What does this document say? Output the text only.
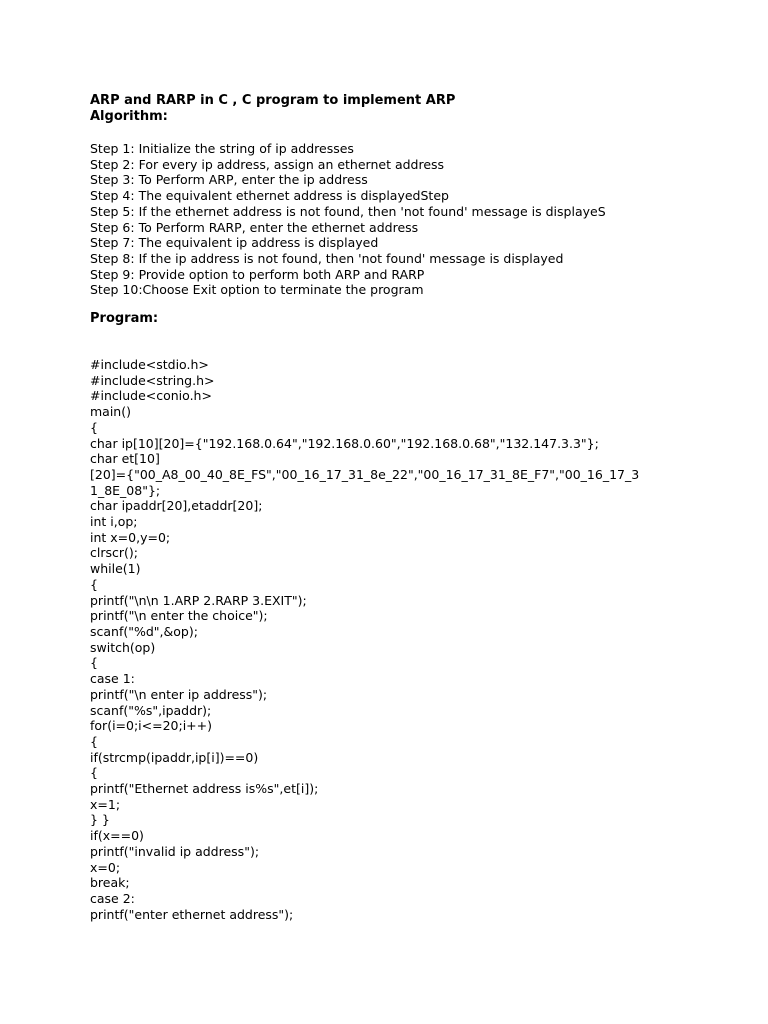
ARP and RARP in C , C program to implement ARP

Algorithm:

Step 1: Initialize the string of ip addresses

Step 2: For every ip address, assign an ethernet address

Step 3: To Perform ARP, enter the ip address

Step 4: The equivalent ethernet address is displayedStep

Step 5: If the ethernet address is not found, then 'not found' message is displayeS

Step 6: To Perform RARP, enter the ethernet address

Step 7: The equivalent ip address is displayed

Step 8: If the ip address is not found, then 'not found' message is displayed

Step 9: Provide option to perform both ARP and RARP

Step 10:Choose Exit option to terminate the program

Program:

#include<stdio.h>

#include<string.h>

#include<conio.h>

main()

{

char ip[10][20]={"192.168.0.64","192.168.0.60","192.168.0.68","132.147.3.3"};

char et[10]

[20]={"00_A8_00_40_8E_FS","00_16_17_31_8e_22","00_16_17_31_8E_F7","00_16_17_3

1_8E_08"};

char ipaddr[20],etaddr[20];

int i,op;

int x=0,y=0;

clrscr();

while(1)

{

printf("\n\n 1.ARP 2.RARP 3.EXIT");

printf("\n enter the choice");

scanf("%d",&op);

switch(op)

{

case 1:

printf("\n enter ip address");

scanf("%s",ipaddr);

for(i=0;i<=20;i++)

{

if(strcmp(ipaddr,ip[i])==0)

{

printf("Ethernet address is%s",et[i]);

x=1;

} }

if(x==0)

printf("invalid ip address");

x=0;

break;

case 2:

printf("enter ethernet address");
